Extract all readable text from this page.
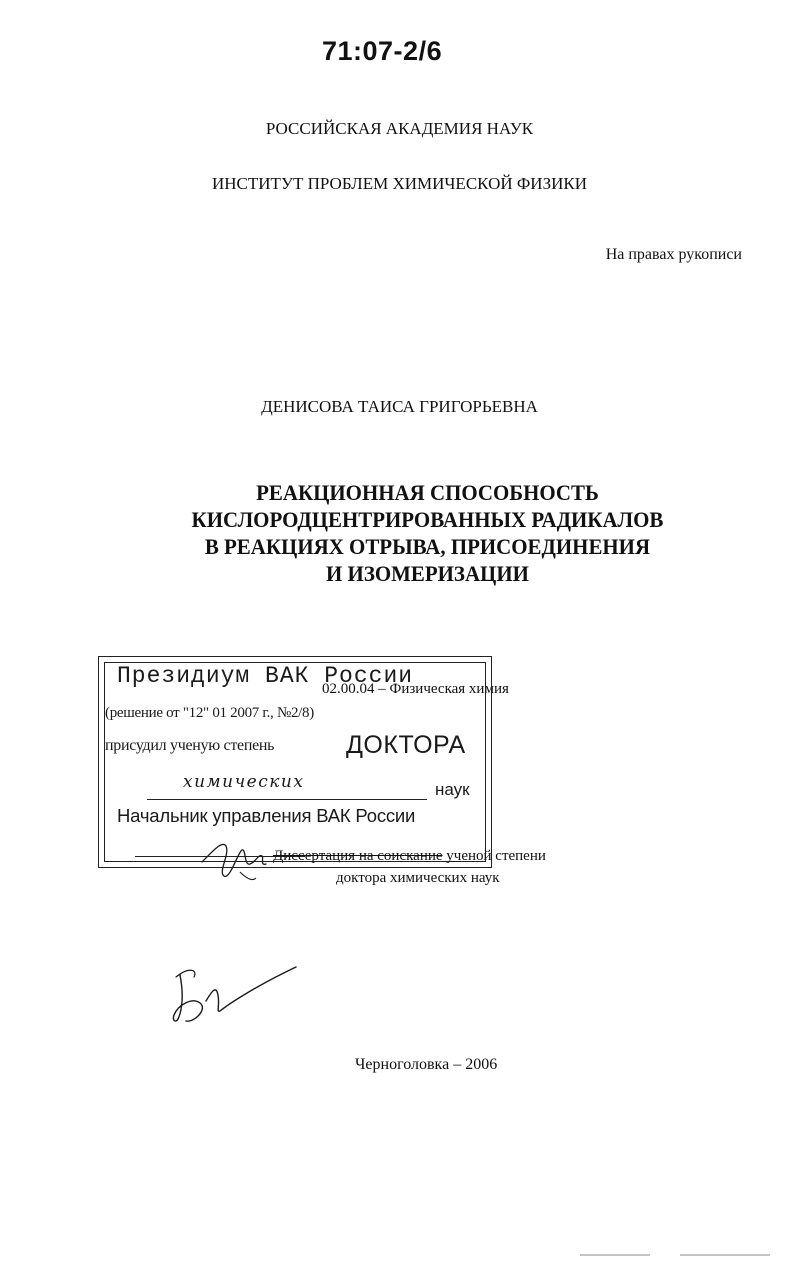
71:07-2/6
РОССИЙСКАЯ АКАДЕМИЯ НАУК
ИНСТИТУТ ПРОБЛЕМ ХИМИЧЕСКОЙ ФИЗИКИ
На правах рукописи
ДЕНИСОВА ТАИСА ГРИГОРЬЕВНА
РЕАКЦИОННАЯ СПОСОБНОСТЬ
КИСЛОРОДЦЕНТРИРОВАННЫХ РАДИКАЛОВ
В РЕАКЦИЯХ ОТРЫВА, ПРИСОЕДИНЕНИЯ
И ИЗОМЕРИЗАЦИИ
02.00.04 – Физическая химия
Президиум ВАК России
(решение от "12" 01 2007 г., №2/8)
присудил ученую степень	ДОКТОРА
химических	наук
Начальник управления ВАК России
Диссертация на соискание ученой степени
доктора химических наук
Черноголовка – 2006
